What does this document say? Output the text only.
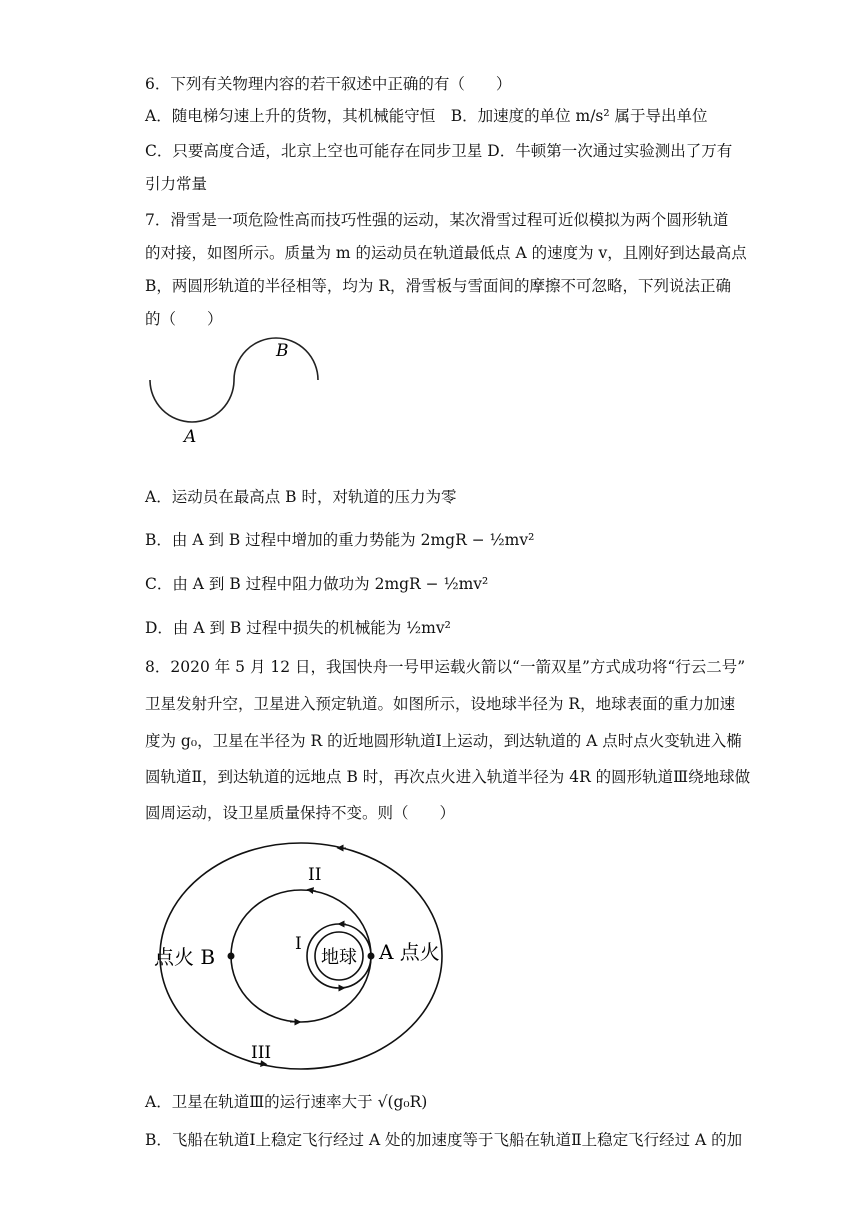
6．下列有关物理内容的若干叙述中正确的有（　　）
A．随电梯匀速上升的货物，其机械能守恒　B．加速度的单位 m/s² 属于导出单位
C．只要高度合适，北京上空也可能存在同步卫星 D．牛顿第一次通过实验测出了万有
引力常量
7．滑雪是一项危险性高而技巧性强的运动，某次滑雪过程可近似模拟为两个圆形轨道
的对接，如图所示。质量为 m 的运动员在轨道最低点 A 的速度为 v，且刚好到达最高点
B，两圆形轨道的半径相等，均为 R，滑雪板与雪面间的摩擦不可忽略，下列说法正确
的（　　）
B
A
A．运动员在最高点 B 时，对轨道的压力为零
B．由 A 到 B 过程中增加的重力势能为 2mgR − ½mv²
C．由 A 到 B 过程中阻力做功为 2mgR − ½mv²
D．由 A 到 B 过程中损失的机械能为 ½mv²
8．2020 年 5 月 12 日，我国快舟一号甲运载火箭以“一箭双星”方式成功将“行云二号”
卫星发射升空，卫星进入预定轨道。如图所示，设地球半径为 R，地球表面的重力加速
度为 g₀，卫星在半径为 R 的近地圆形轨道Ⅰ上运动，到达轨道的 A 点时点火变轨进入椭
圆轨道Ⅱ，到达轨道的远地点 B 时，再次点火进入轨道半径为 4R 的圆形轨道Ⅲ绕地球做
圆周运动，设卫星质量保持不变。则（　　）
地球
点火 B	A 点火
II
I
III
A．卫星在轨道Ⅲ的运行速率大于 √(g₀R)
B．飞船在轨道Ⅰ上稳定飞行经过 A 处的加速度等于飞船在轨道Ⅱ上稳定飞行经过 A 的加
